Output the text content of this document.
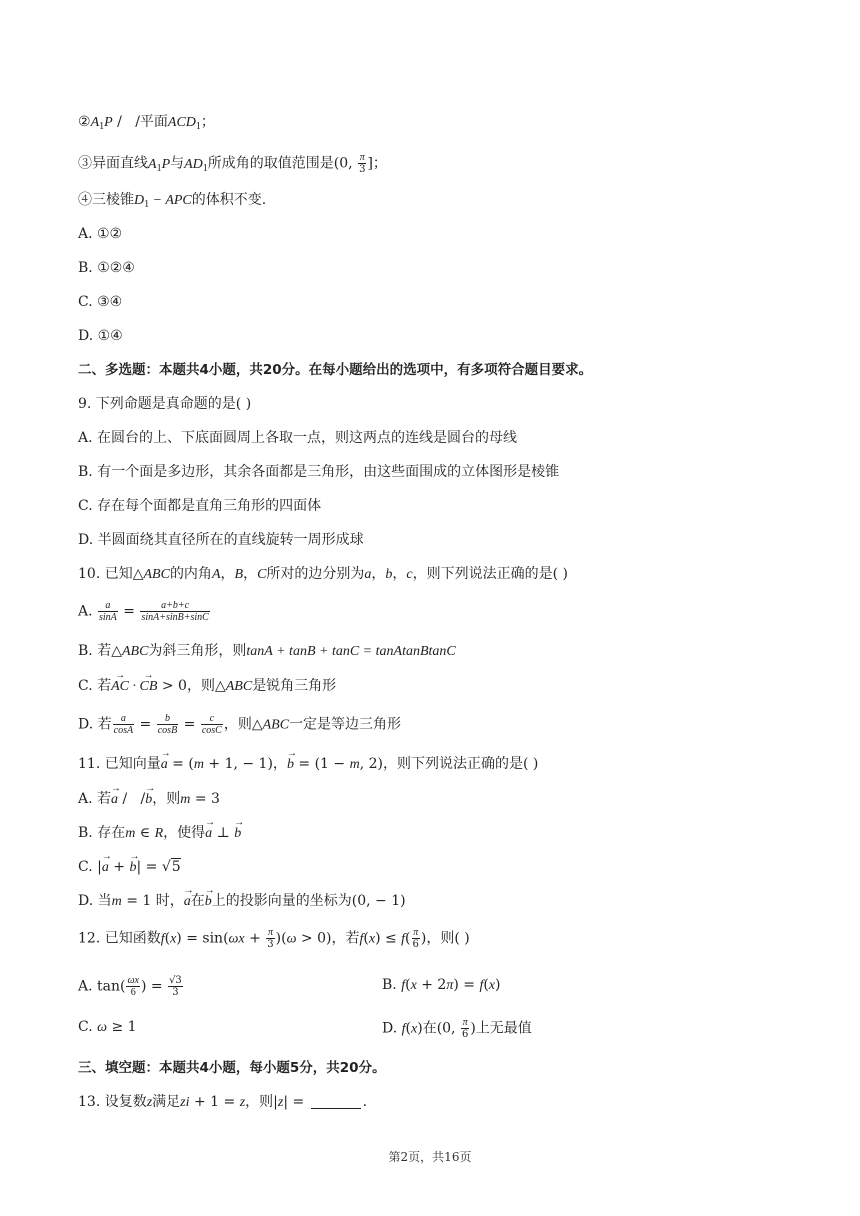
$②A_1P$ /   /平面$ACD_1$；
③异面直线$A_1P$与$AD_1$所成角的取值范围是(0, $\frac{\pi}{3}$ ]；
④三棱锥$D_1$ − APC的体积不变.
A. ①②
B. ①②④
C. ③④
D. ①④
二、多选题：本题共4小题，共20分。在每小题给出的选项中，有多项符合题目要求。
9. 下列命题是真命题的是( )
A. 在圆台的上、下底面圆周上各取一点，则这两点的连线是圆台的母线
B. 有一个面是多边形，其余各面都是三角形，由这些面围成的立体图形是棱锥
C. 存在每个面都是直角三角形的四面体
D. 半圆面绕其直径所在的直线旋转一周形成球
10. 已知△ABC的内角A，B，C所对的边分别为a，b，c，则下列说法正确的是( )
A. $\frac{a}{\sin A} = \frac{a+b+c}{\sin A+\sin B+\sin C}$
B. 若△ABC为斜三角形，则tanA + tanB + tanC = tanAtanBtanC
C. 若→ AC · → CB > 0，则△ABC是锐角三角形
D. 若 $\frac{a}{\cos A} = \frac{b}{\cos B} = \frac{c}{\cos C}$ ，则△ABC一定是等边三角形
11. 已知向量→ a = (m + 1, − 1)，→ b = (1 − m, 2)，则下列说法正确的是( )
A. 若→ a /   /→ b，则m = 3
B. 存在m ∈ R，使得→ a ⊥ → b
C. |→ a + → b| = √5
D. 当m = 1 时，→ a在→ b上的投影向量的坐标为(0, − 1)
12. 已知函数$f(x) = \sin(\omega x + \frac{\pi}{3} )(\omega > 0)$，若$f(x) \le f( \frac{\pi}{6}$ )，则( )
A. $\tan( \frac{\omega x}{6}$ ) = $\frac{√3}{3}$	B. f(x + 2π) = f(x)
C. ω ≥ 1	D. f(x)在(0, $\frac{\pi}{6}$ )上无最值
三、填空题：本题共4小题，每小题5分，共20分。
13. 设复数z满足zi + 1 = z，则|z| =	.
第2页，共16页
